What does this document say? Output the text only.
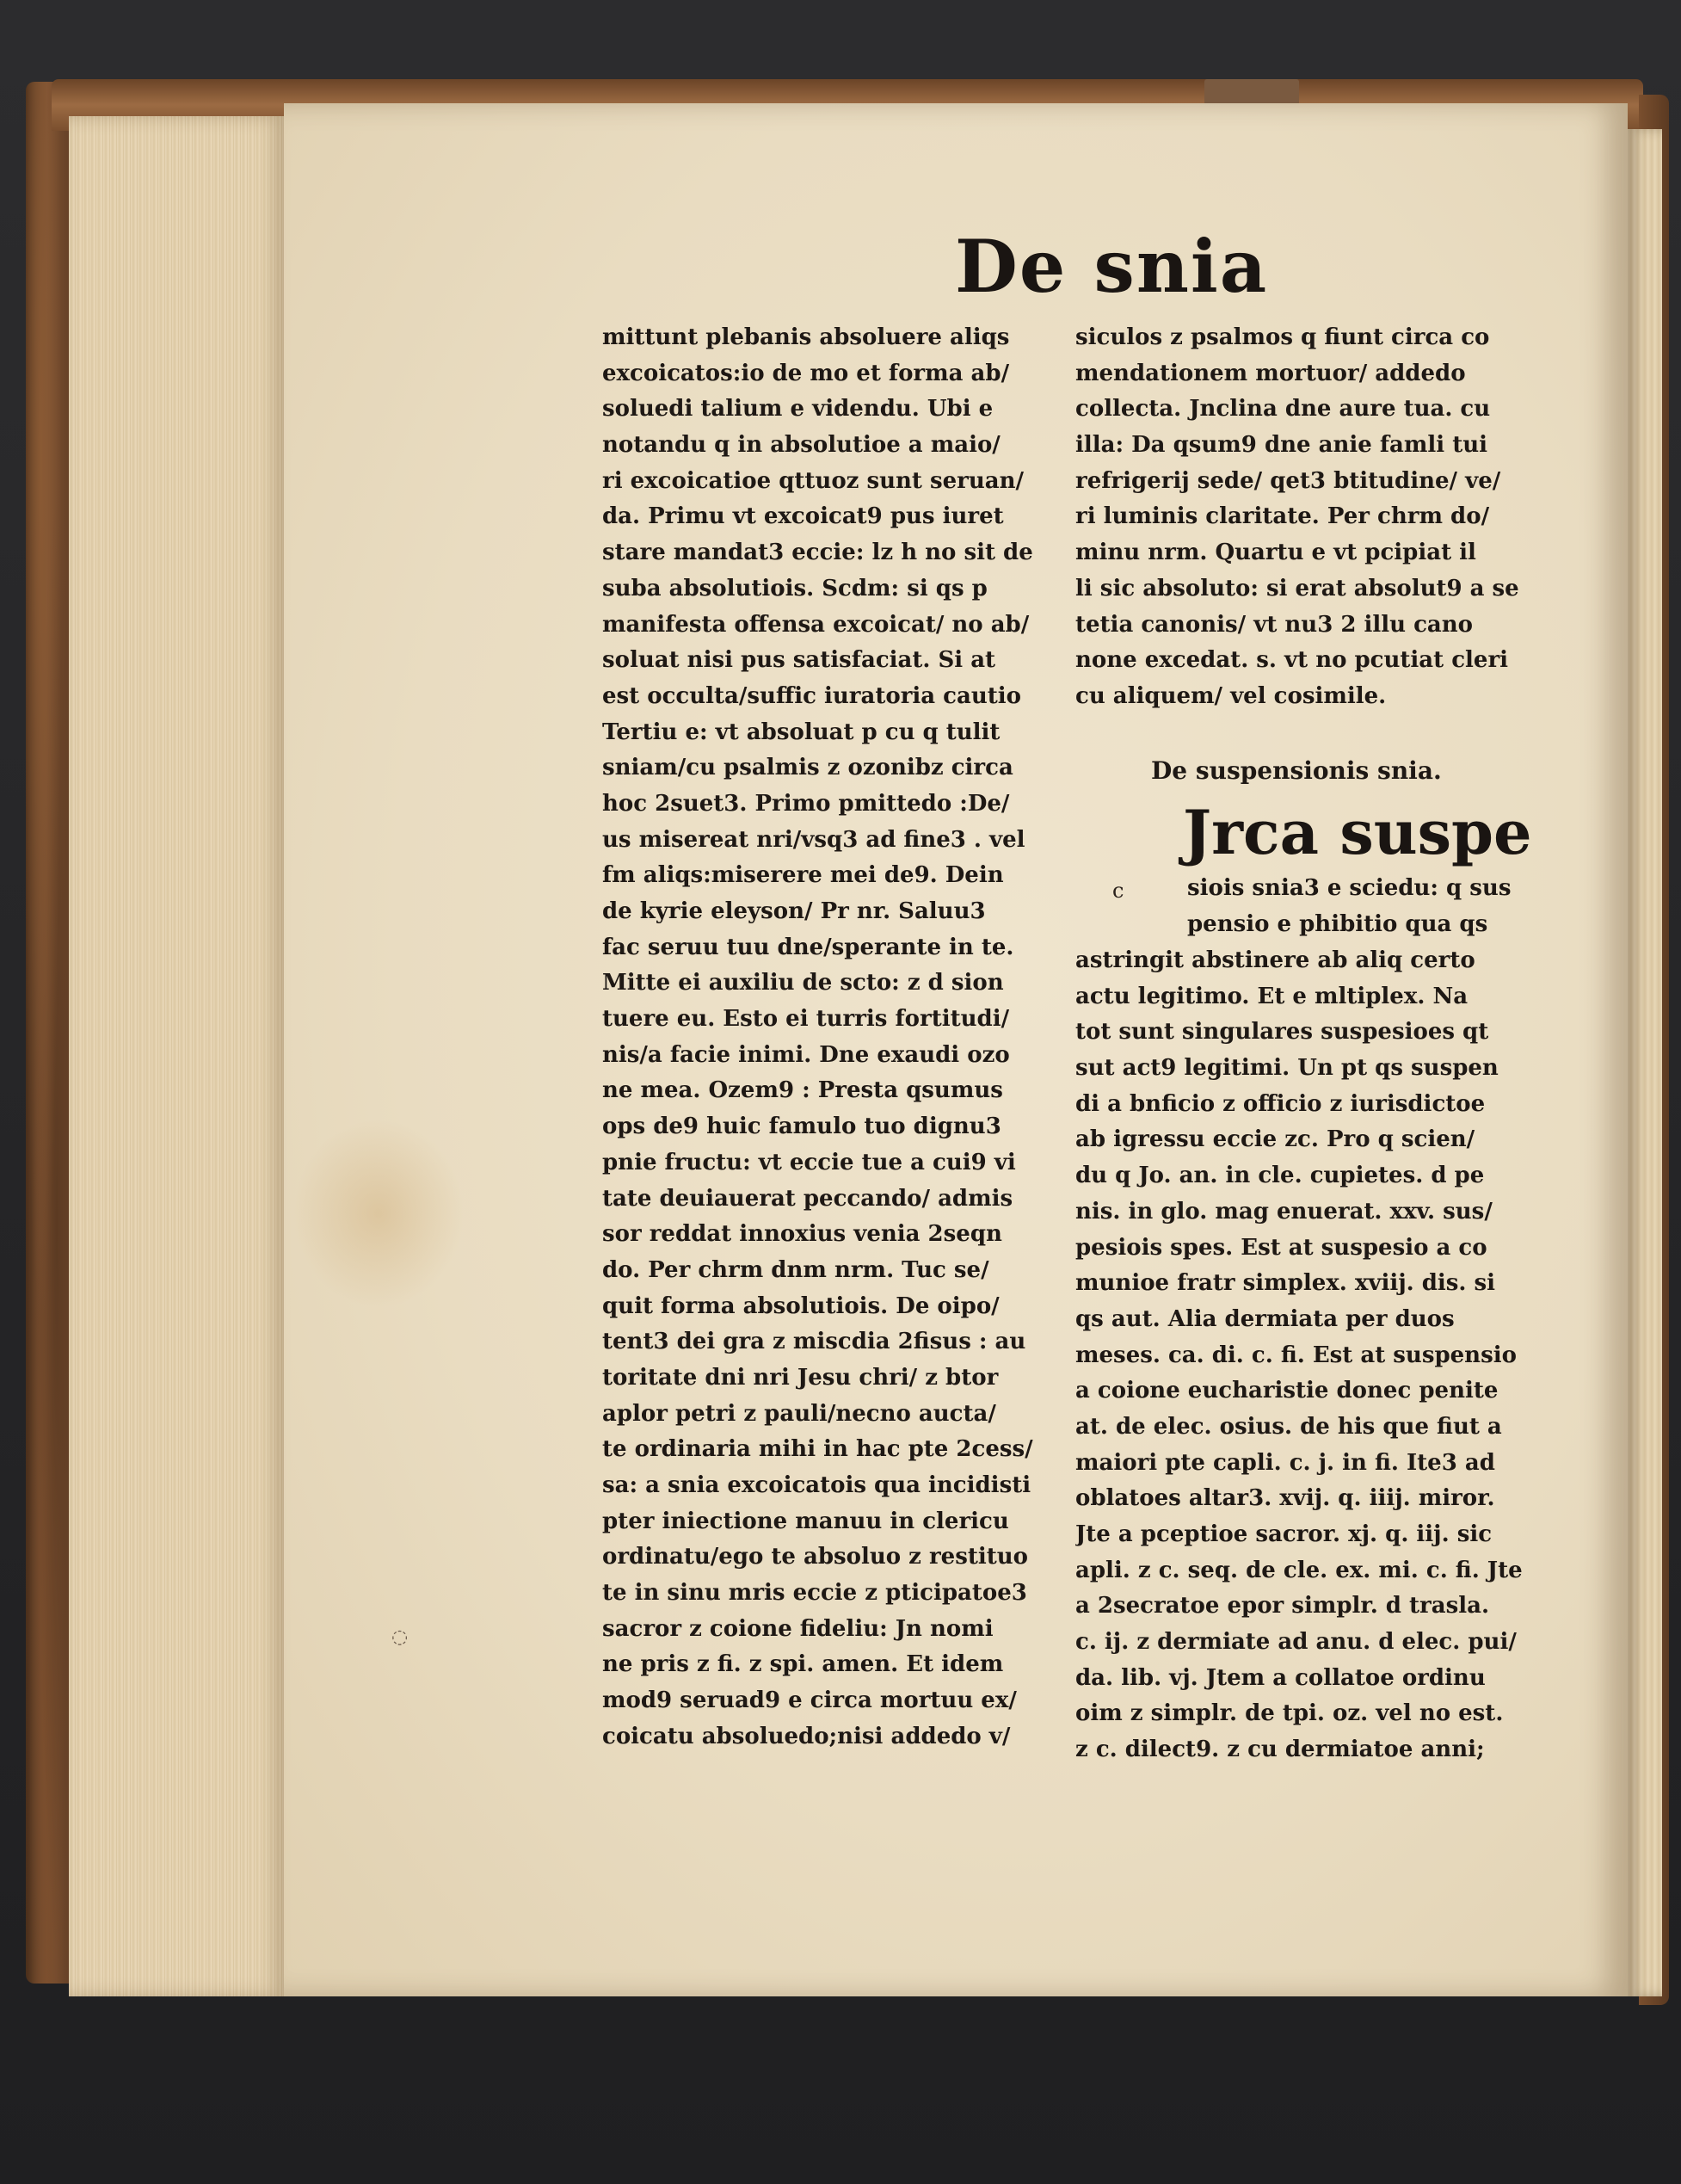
De snia
mittunt plebanis absoluere aliqs
excoicatos:io de mo et forma ab/
soluedi talium e videndu. Ubi e
notandu q in absolutioe a maio/
ri excoicatioe qttuoz sunt seruan/
da. Primu vt excoicat9 pus iuret
stare mandat3 eccie: lz h no sit de
suba absolutiois. Scdm: si qs p
manifesta offensa excoicat/ no ab/
soluat nisi pus satisfaciat. Si at
est occulta/suffic iuratoria cautio
Tertiu e: vt absoluat p cu q tulit
sniam/cu psalmis z ozonibz circa
hoc 2suet3. Primo pmittedo :De/
us misereat nri/vsq3 ad fine3 . vel
fm aliqs:miserere mei de9. Dein
de kyrie eleyson/ Pr nr. Saluu3
fac seruu tuu dne/sperante in te.
Mitte ei auxiliu de scto: z d sion
tuere eu. Esto ei turris fortitudi/
nis/a facie inimi. Dne exaudi ozo
ne mea. Ozem9 : Presta qsumus
ops de9 huic famulo tuo dignu3
pnie fructu: vt eccie tue a cui9 vi
tate deuiauerat peccando/ admis
sor reddat innoxius venia 2seqn
do. Per chrm dnm nrm. Tuc se/
quit forma absolutiois. De oipo/
tent3 dei gra z miscdia 2fisus : au
toritate dni nri Jesu chri/ z btor
aplor petri z pauli/necno aucta/
te ordinaria mihi in hac pte 2cess/
sa: a snia excoicatois qua incidisti
pter iniectione manuu in clericu
ordinatu/ego te absoluo z restituo
te in sinu mris eccie z pticipatoe3
sacror z coione fideliu: Jn nomi
ne pris z fi. z spi. amen. Et idem
mod9 seruad9 e circa mortuu ex/
coicatu absoluedo;nisi addedo v/
siculos z psalmos q fiunt circa co
mendationem mortuor/ addedo
collecta. Jnclina dne aure tua. cu
illa: Da qsum9 dne anie famli tui
refrigerij sede/ qet3 btitudine/ ve/
ri luminis claritate. Per chrm do/
minu nrm. Quartu e vt pcipiat il
li sic absoluto: si erat absolut9 a se
tetia canonis/ vt nu3 2 illu cano
none excedat. s. vt no pcutiat cleri
cu aliquem/ vel cosimile.
De suspensionis snia.
Jrca suspe
c	siois snia3 e sciedu: q sus
pensio e phibitio qua qs
astringit abstinere ab aliq certo
actu legitimo. Et e mltiplex. Na
tot sunt singulares suspesioes qt
sut act9 legitimi. Un pt qs suspen
di a bnficio z officio z iurisdictoe
ab igressu eccie zc. Pro q scien/
du q Jo. an. in cle. cupietes. d pe
nis. in glo. mag enuerat. xxv. sus/
pesiois spes. Est at suspesio a co
munioe fratr simplex. xviij. dis. si
qs aut. Alia dermiata per duos
meses. ca. di. c. fi. Est at suspensio
a coione eucharistie donec penite
at. de elec. osius. de his que fiut a
maiori pte capli. c. j. in fi. Ite3 ad
oblatoes altar3. xvij. q. iiij. miror.
Jte a pceptioe sacror. xj. q. iij. sic
apli. z c. seq. de cle. ex. mi. c. fi. Jte
a 2secratoe epor simplr. d trasla.
c. ij. z dermiate ad anu. d elec. pui/
da. lib. vj. Jtem a collatoe ordinu
oim z simplr. de tpi. oz. vel no est.
z c. dilect9. z cu dermiatoe anni;
◌
